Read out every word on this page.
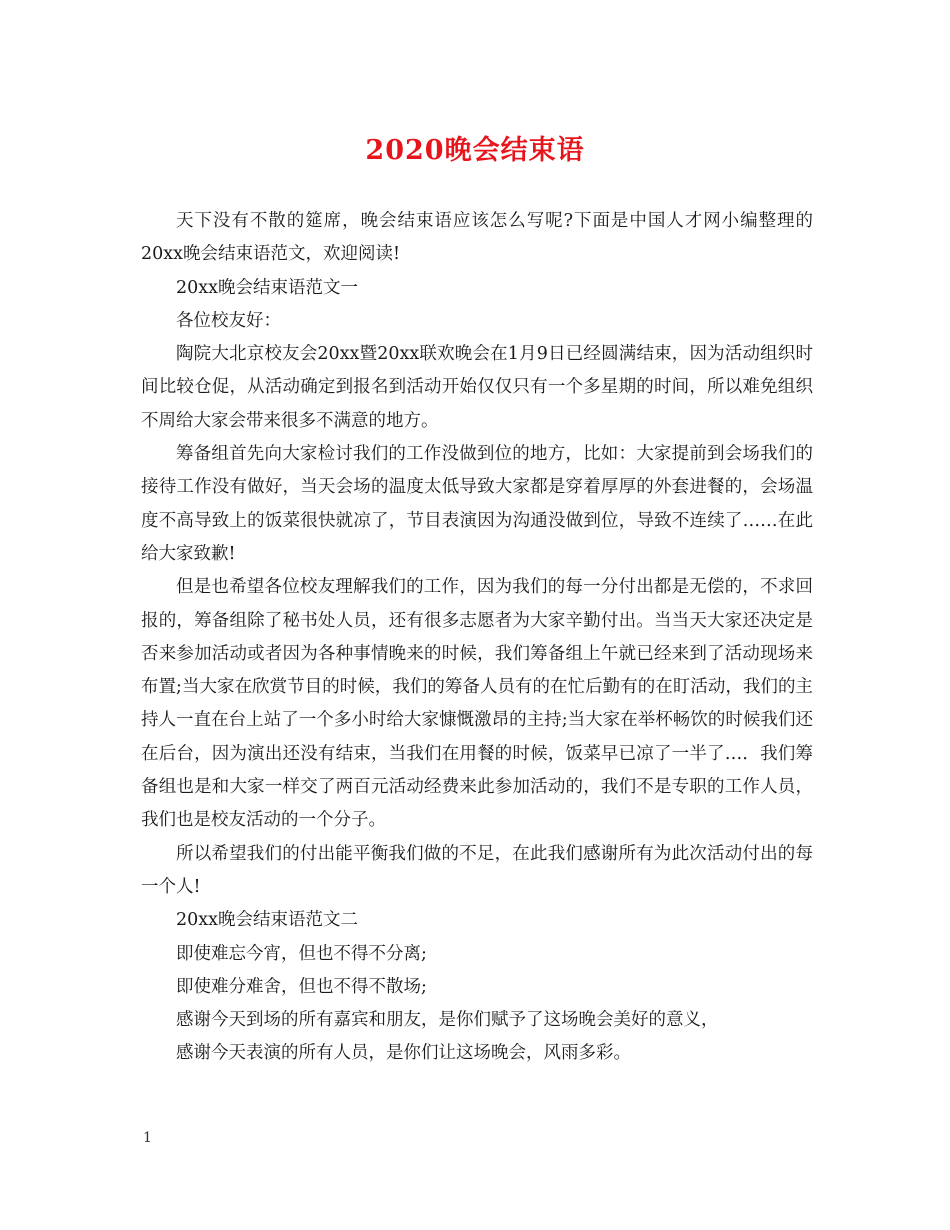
2020晚会结束语

天下没有不散的筵席，晚会结束语应该怎么写呢?下面是中国人才网小编整理的20xx晚会结束语范文，欢迎阅读!

20xx晚会结束语范文一

各位校友好：

陶院大北京校友会20xx暨20xx联欢晚会在1月9日已经圆满结束，因为活动组织时间比较仓促，从活动确定到报名到活动开始仅仅只有一个多星期的时间，所以难免组织不周给大家会带来很多不满意的地方。

筹备组首先向大家检讨我们的工作没做到位的地方，比如：大家提前到会场我们的接待工作没有做好，当天会场的温度太低导致大家都是穿着厚厚的外套进餐的，会场温度不高导致上的饭菜很快就凉了，节目表演因为沟通没做到位，导致不连续了……在此给大家致歉!

但是也希望各位校友理解我们的工作，因为我们的每一分付出都是无偿的，不求回报的，筹备组除了秘书处人员，还有很多志愿者为大家辛勤付出。当当天大家还决定是否来参加活动或者因为各种事情晚来的时候，我们筹备组上午就已经来到了活动现场来布置;当大家在欣赏节目的时候，我们的筹备人员有的在忙后勤有的在盯活动，我们的主持人一直在台上站了一个多小时给大家慷慨激昂的主持;当大家在举杯畅饮的时候我们还在后台，因为演出还没有结束，当我们在用餐的时候，饭菜早已凉了一半了…．我们筹备组也是和大家一样交了两百元活动经费来此参加活动的，我们不是专职的工作人员，我们也是校友活动的一个分子。

所以希望我们的付出能平衡我们做的不足，在此我们感谢所有为此次活动付出的每一个人!

20xx晚会结束语范文二

即使难忘今宵，但也不得不分离;

即使难分难舍，但也不得不散场;

感谢今天到场的所有嘉宾和朋友，是你们赋予了这场晚会美好的意义，

感谢今天表演的所有人员，是你们让这场晚会，风雨多彩。

1
